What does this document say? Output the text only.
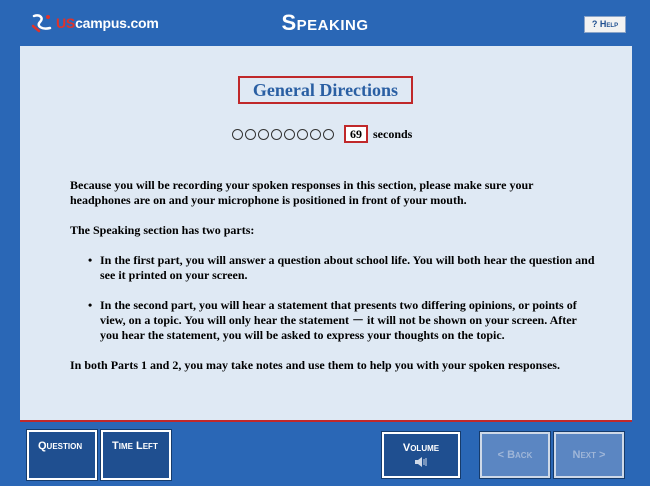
UScampus.com	Speaking	? Help
General Directions
69 seconds

Because you will be recording your spoken responses in this section, please make sure your headphones are on and your microphone is positioned in front of your mouth.

The Speaking section has two parts:

• In the first part, you will answer a question about school life. You will both hear the question and see it printed on your screen.
• In the second part, you will hear a statement that presents two differing opinions, or points of view, on a topic. You will only hear the statement － it will not be shown on your screen. After you hear the statement, you will be asked to express your thoughts on the topic.

In both Parts 1 and 2, you may take notes and use them to help you with your spoken responses.

Question	Time Left	Volume
< Back	Next >
